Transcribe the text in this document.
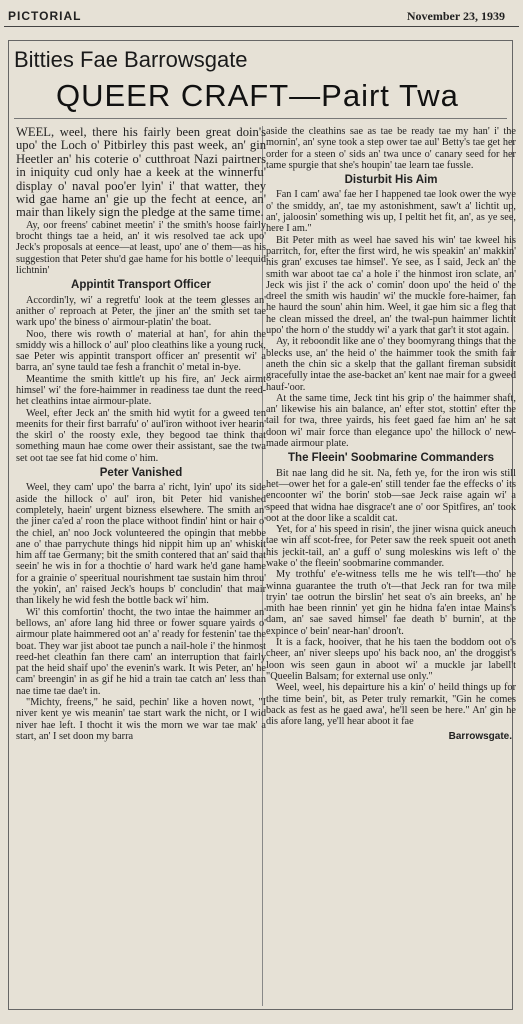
PICTORIAL	November 23, 1939
Bitties Fae Barrowsgate
QUEER CRAFT—Pairt Twa

WEEL, weel, there his fairly been great doin's upo' the Loch o' Pitbirley this past week, an' gin Heetler an' his coterie o' cutthroat Nazi pairtners in iniquity cud only hae a keek at the winnerfu' display o' naval poo'er lyin' i' that watter, they wid gae hame an' gie up the fecht at eence, an' mair than likely sign the pledge at the same time.

Ay, oor freens' cabinet meetin' i' the smith's hoose fairly brocht things tae a heid, an' it wis resolved tae ack upo' Jeck's proposals at eence—at least, upo' ane o' them—as his suggestion that Peter shu'd gae hame for his bottle o' leequid lichtnin'

Appintit Transport Officer

Accordin'ly, wi' a regretfu' look at the teem glesses an' anither o' reproach at Peter, the jiner an' the smith set tae wark upo' the biness o' airmour-platin' the boat.

Noo, there wis rowth o' material at han', for ahin the smiddy wis a hillock o' aul' ploo cleathins like a young ruck, sae Peter wis appintit transport officer an' presentit wi' a barra, an' syne tauld tae fesh a franchit o' metal in-bye.

Meantime the smith kittle't up his fire, an' Jeck airmt himsel' wi' the fore-haimmer in readiness tae dunt the reed-het cleathins intae airmour-plate.

Weel, efter Jeck an' the smith hid wytit for a gweed ten meenits for their first barrafu' o' aul'iron withoot iver hearin' the skirl o' the roosty exle, they begood tae think that something maun hae come ower their assistant, sae the twa set oot tae see fat hid come o' him.

Peter Vanished

Weel, they cam' upo' the barra a' richt, lyin' upo' its side aside the hillock o' aul' iron, bit Peter hid vanished completely, haein' urgent bizness elsewhere. The smith an' the jiner ca'ed a' roon the place withoot findin' hint or hair o' the chiel, an' noo Jock volunteered the opingin that mebbe ane o' thae parrychute things hid nippit him up an' whiskit him aff tae Germany; bit the smith contered that an' said that seein' he wis in for a thochtie o' hard wark he'd gane hame for a grainie o' speeritual nourishment tae sustain him throu' the yokin', an' raised Jeck's houps b' concludin' that mair than likely he wid fesh the bottle back wi' him.

Wi' this comfortin' thocht, the two intae the haimmer an' bellows, an' afore lang hid three or fower square yairds o' airmour plate haimmered oot an' a' ready for festenin' tae the boat. They war jist aboot tae punch a nail-hole i' the hinmost reed-het cleathin fan there cam' an interruption that fairly pat the heid shaif upo' the evenin's wark. It wis Peter, an' he cam' breengin' in as gif he hid a train tae catch an' less than nae time tae dae't in.

"Michty, freens," he said, pechin' like a hoven nowt, "I niver kent ye wis meanin' tae start wark the nicht, or I wid niver hae left. I thocht it wis the morn we war tae mak' a start, an' I set doon my barra

aside the cleathins sae as tae be ready tae my han' i' the mornin', an' syne took a step ower tae aul' Betty's tae get her order for a steen o' sids an' twa unce o' canary seed for her tame spurgie that she's houpin' tae learn tae fussle.

Disturbit His Aim

Fan I cam' awa' fae her I happened tae look ower the wye o' the smiddy, an', tae my astonishment, saw't a' lichtit up, an', jaloosin' something wis up, I peltit het fit, an', as ye see, here I am."

Bit Peter mith as weel hae saved his win' tae kweel his parritch, for, efter the first wird, he wis speakin' an' makkin' his gran' excuses tae himsel'. Ye see, as I said, Jeck an' the smith war aboot tae ca' a hole i' the hinmost iron sclate, an' Jeck wis jist i' the ack o' comin' doon upo' the heid o' the dreel the smith wis haudin' wi' the muckle fore-haimer, fan he haurd the soun' ahin him. Weel, it gae him sic a fleg that he clean missed the dreel, an' the twal-pun haimmer lichtit upo' the horn o' the studdy wi' a yark that gar't it stot again.

Ay, it reboondit like ane o' they boomyrang things that the blecks use, an' the heid o' the haimmer took the smith fair aneth the chin sic a skelp that the gallant fireman subsidit gracefully intae the ase-backet an' kent nae mair for a gweed hauf-'oor.

At the same time, Jeck tint his grip o' the haimmer shaft, an' likewise his ain balance, an' efter stot, stottin' efter the tail for twa, three yairds, his feet gaed fae him an' he sat doon wi' mair force than elegance upo' the hillock o' new-made airmour plate.

The Fleein' Soobmarine Commanders

Bit nae lang did he sit. Na, feth ye, for the iron wis still het—ower het for a gale-en' still tender fae the effecks o' its encoonter wi' the borin' stob—sae Jeck raise again wi' a speed that widna hae disgrace't ane o' oor Spitfires, an' took oot at the door like a scaldit cat.

Yet, for a' his speed in risin', the jiner wisna quick aneuch tae win aff scot-free, for Peter saw the reek spueit oot aneth his jeckit-tail, an' a guff o' sung moleskins wis left o' the wake o' the fleein' soobmarine commander.

My trothfu' e'e-witness tells me he wis tell't—tho' he winna guarantee the truth o't—that Jeck ran for twa mile tryin' tae ootrun the birslin' het seat o's ain breeks, an' he mith hae been rinnin' yet gin he hidna fa'en intae Mains's dam, an' sae saved himsel' fae death b' burnin', at the expince o' bein' near-han' droon't.

It is a fack, hooiver, that he his taen the boddom oot o's cheer, an' niver sleeps upo' his back noo, an' the droggist's loon wis seen gaun in aboot wi' a muckle jar labell't "Queelin Balsam; for external use only."

Weel, weel, his depairture his a kin' o' heild things up for the time bein', bit, as Peter truly remarkit, "Gin he comes back as fest as he gaed awa', he'll seen be here." An' gin he dis afore lang, ye'll hear aboot it fae

Barrowsgate.
